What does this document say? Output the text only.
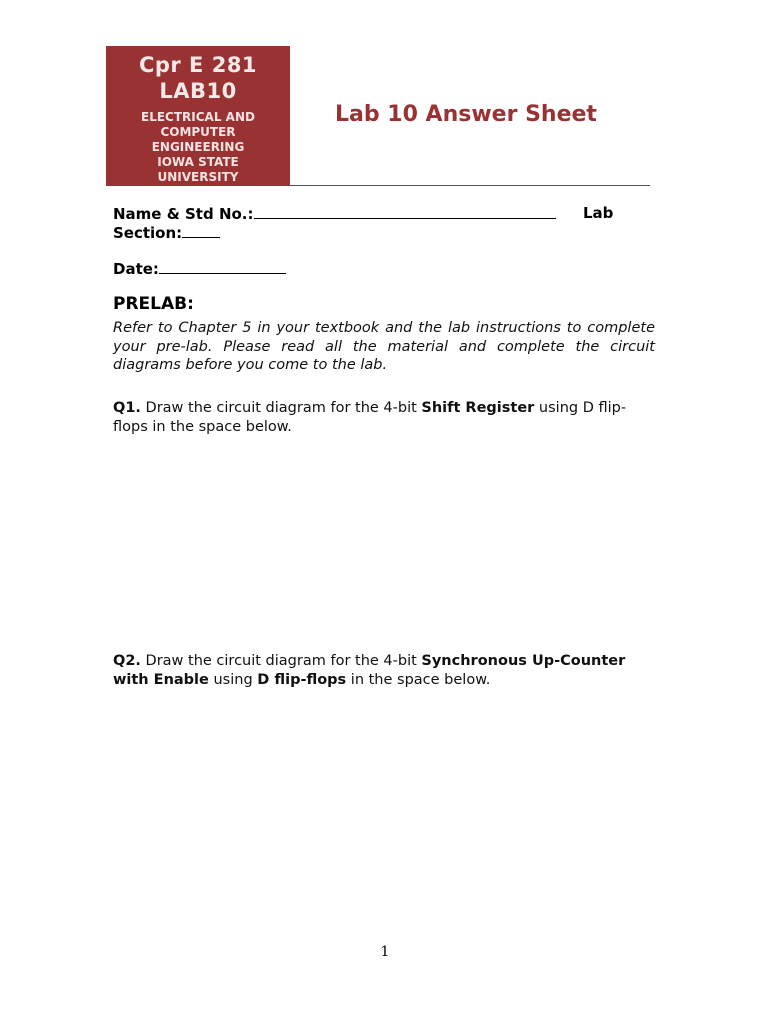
Cpr E 281
LAB10
ELECTRICAL AND
COMPUTER
ENGINEERING
IOWA STATE
UNIVERSITY
Lab 10 Answer Sheet
Name & Std No.:	Lab
Section:
Date:
PRELAB:
Refer to Chapter 5 in your textbook and the lab instructions to complete your pre-lab. Please read all the material and complete the circuit diagrams before you come to the lab.
Q1. Draw the circuit diagram for the 4-bit Shift Register using D flip-flops in the space below.
Q2. Draw the circuit diagram for the 4-bit Synchronous Up-Counter with Enable using D flip-flops in the space below.
1
